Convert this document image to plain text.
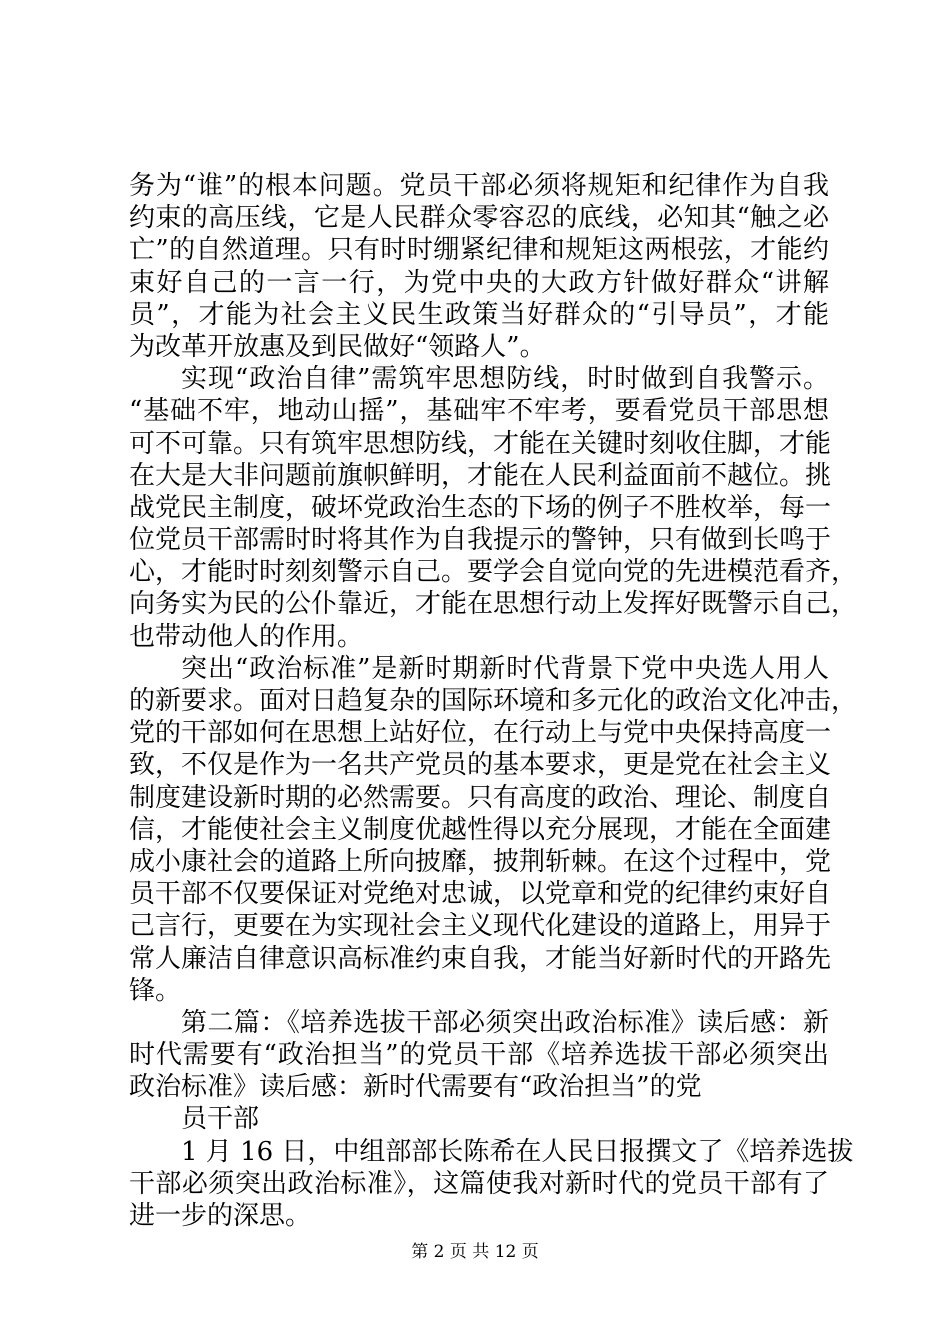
务为“谁”的根本问题。党员干部必须将规矩和纪律作为自我
约束的高压线，它是人民群众零容忍的底线，必知其“触之必
亡”的自然道理。只有时时绷紧纪律和规矩这两根弦，才能约
束好自己的一言一行，为党中央的大政方针做好群众“讲解
员”，才能为社会主义民生政策当好群众的“引导员”，才能
为改革开放惠及到民做好“领路人”。
实现“政治自律”需筑牢思想防线，时时做到自我警示。
“基础不牢，地动山摇”，基础牢不牢考，要看党员干部思想
可不可靠。只有筑牢思想防线，才能在关键时刻收住脚，才能
在大是大非问题前旗帜鲜明，才能在人民利益面前不越位。挑
战党民主制度，破坏党政治生态的下场的例子不胜枚举，每一
位党员干部需时时将其作为自我提示的警钟，只有做到长鸣于
心，才能时时刻刻警示自己。要学会自觉向党的先进模范看齐，
向务实为民的公仆靠近，才能在思想行动上发挥好既警示自己，
也带动他人的作用。
突出“政治标准”是新时期新时代背景下党中央选人用人
的新要求。面对日趋复杂的国际环境和多元化的政治文化冲击，
党的干部如何在思想上站好位，在行动上与党中央保持高度一
致，不仅是作为一名共产党员的基本要求，更是党在社会主义
制度建设新时期的必然需要。只有高度的政治、理论、制度自
信，才能使社会主义制度优越性得以充分展现，才能在全面建
成小康社会的道路上所向披靡，披荆斩棘。在这个过程中，党
员干部不仅要保证对党绝对忠诚，以党章和党的纪律约束好自
己言行，更要在为实现社会主义现代化建设的道路上，用异于
常人廉洁自律意识高标准约束自我，才能当好新时代的开路先
锋。
第二篇：《培养选拔干部必须突出政治标准》读后感：新
时代需要有“政治担当”的党员干部《培养选拔干部必须突出
政治标准》读后感：新时代需要有“政治担当”的党
员干部
1 月 16 日，中组部部长陈希在人民日报撰文了《培养选拔
干部必须突出政治标准》，这篇使我对新时代的党员干部有了
进一步的深思。
第 2 页 共 12 页
